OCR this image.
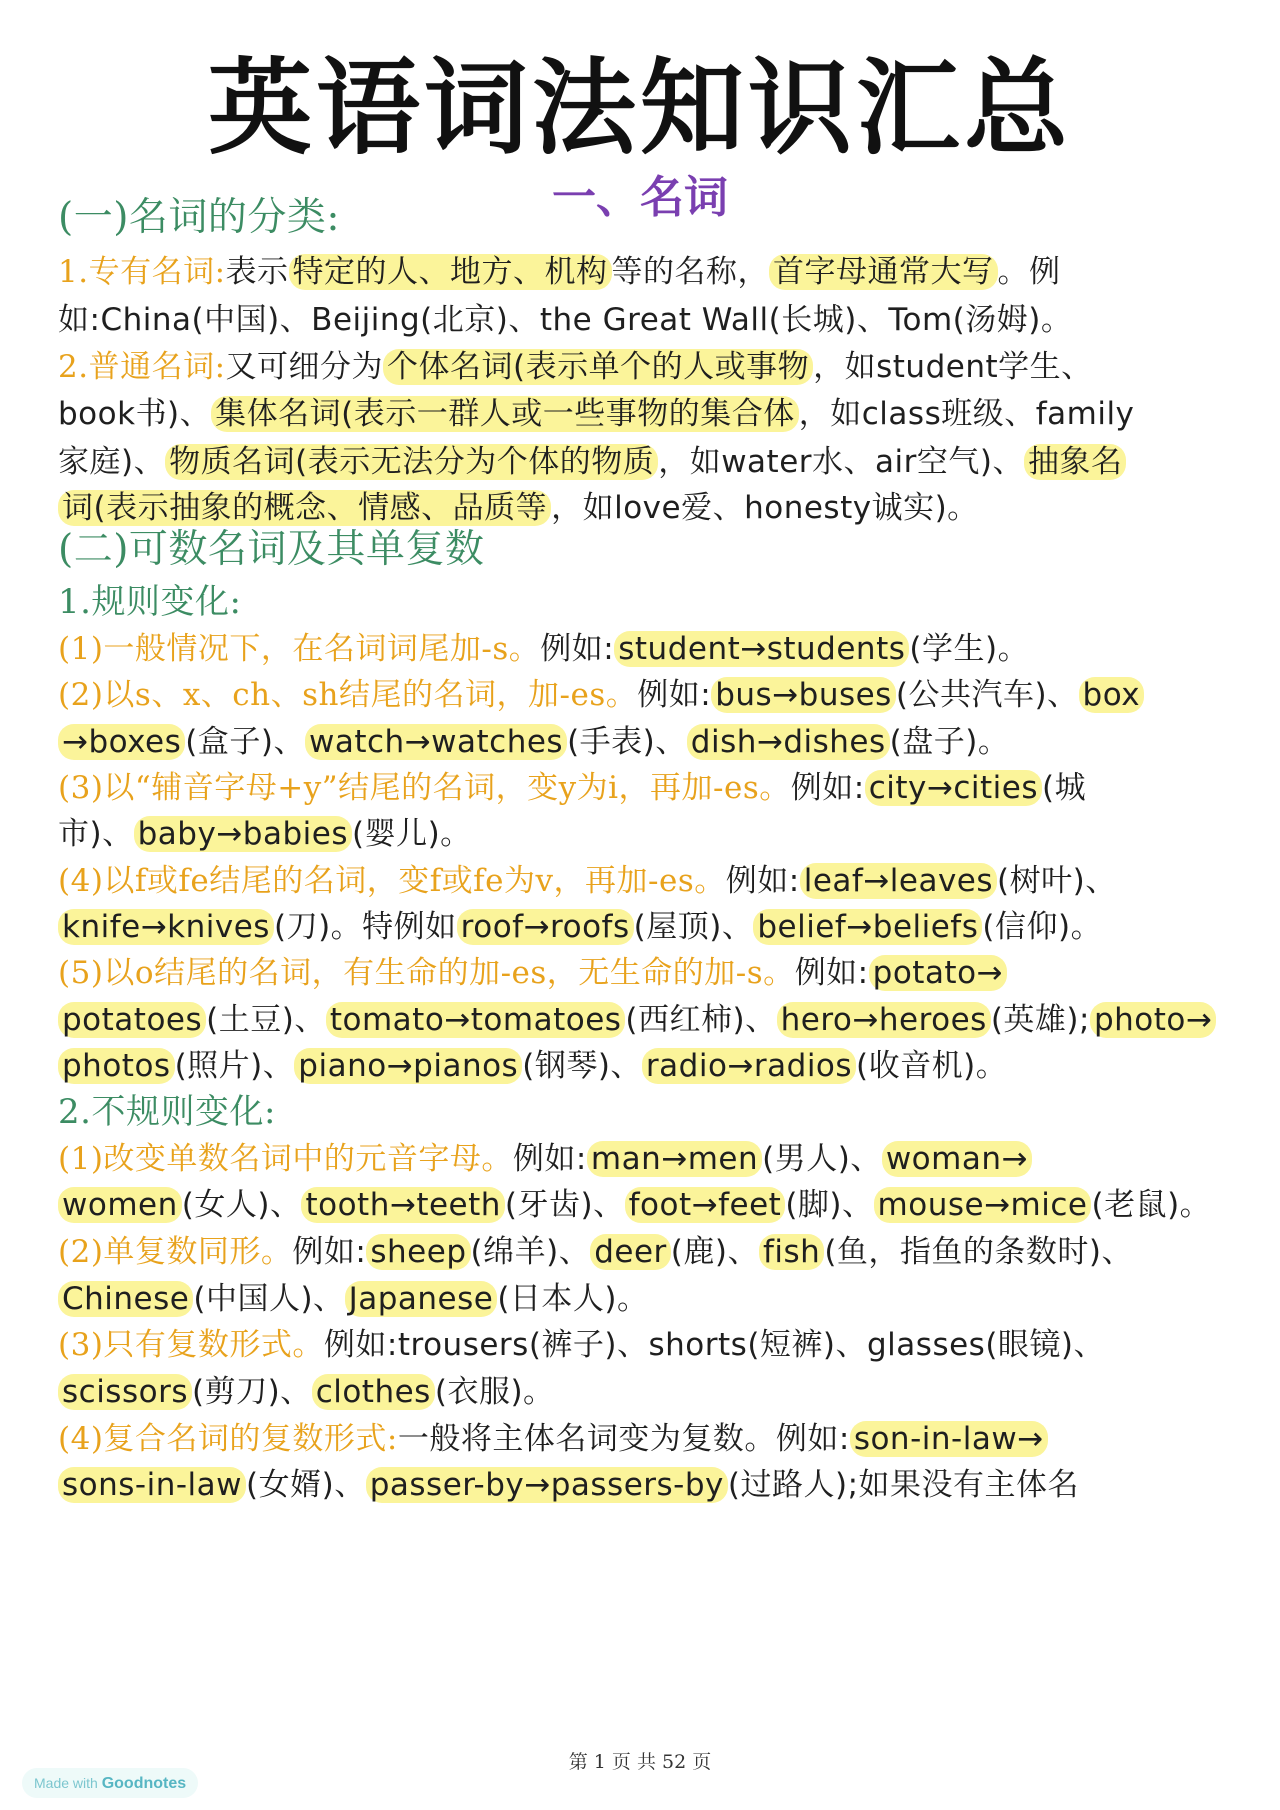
英语词法知识汇总
一、名词
(一)名词的分类:
1.专有名词:表示 特定的人、地方、机构 等的名称， 首字母通常大写 。例
如:China(中国)、Beijing(北京)、the Great Wall(长城)、Tom(汤姆)。
2.普通名词:又可细分为 个体名词(表示单个的人或事物 ，如student学生、
book书)、 集体名词(表示一群人或一些事物的集合体 ，如class班级、family
家庭)、 物质名词(表示无法分为个体的物质 ，如water水、air空气)、 抽象名
词(表示抽象的概念、情感、品质等 ，如love爱、honesty诚实)。
(二)可数名词及其单复数
1.规则变化:
(1)一般情况下，在名词词尾加-s。例如: student→students (学生)。
(2)以s、x、ch、sh结尾的名词，加-es。例如: bus→buses (公共汽车)、 box
→boxes (盒子)、 watch→watches (手表)、 dish→dishes (盘子)。
(3)以“辅音字母+y”结尾的名词，变y为i，再加-es。例如: city→cities (城
市)、 baby→babies (婴儿)。
(4)以f或fe结尾的名词，变f或fe为v，再加-es。例如: leaf→leaves (树叶)、
knife→knives (刀)。特例如 roof→roofs (屋顶)、 belief→beliefs (信仰)。
(5)以o结尾的名词，有生命的加-es，无生命的加-s。例如: potato→
potatoes (土豆)、 tomato→tomatoes (西红柿)、 hero→heroes (英雄); photo→
photos (照片)、 piano→pianos (钢琴)、 radio→radios (收音机)。
2.不规则变化:
(1)改变单数名词中的元音字母。例如: man→men (男人)、 woman→
women (女人)、 tooth→teeth (牙齿)、 foot→feet (脚)、 mouse→mice (老鼠)。
(2)单复数同形。例如: sheep (绵羊)、 deer (鹿)、 fish (鱼，指鱼的条数时)、
Chinese (中国人)、 Japanese (日本人)。
(3)只有复数形式。例如:trousers(裤子)、shorts(短裤)、glasses(眼镜)、
scissors (剪刀)、 clothes (衣服)。
(4)复合名词的复数形式:一般将主体名词变为复数。例如: son-in-law→
sons-in-law (女婿)、 passer-by→passers-by (过路人);如果没有主体名
第 1 页 共 52 页
Made with Goodnotes
